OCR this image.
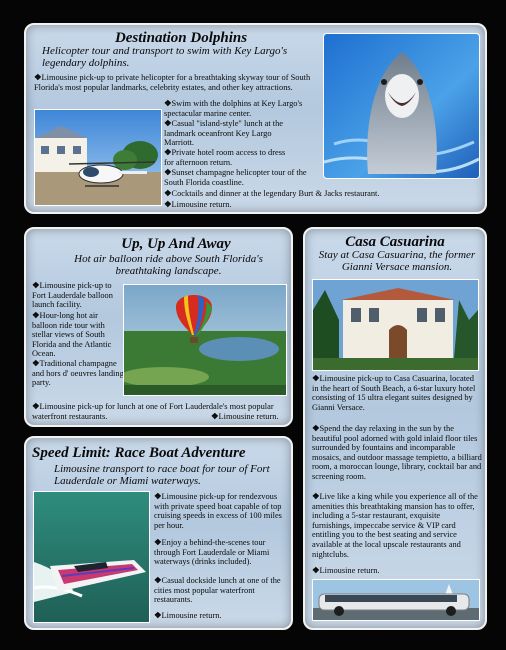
Destination Dolphins
Helicopter tour and transport to swim with Key Largo's legendary dolphins.

❖Limousine pick-up to private helicopter for a breathtaking skyway tour of South Florida's most popular landmarks, celebrity estates, and other key attractions.

❖Swim with the dolphins at Key Largo's spectacular marine center.

❖Casual "island-style" lunch at the landmark oceanfront Key Largo Marriott.

❖Private hotel room access to dress for afternoon return.

❖Sunset champagne helicopter tour of the South Florida coastline.

❖Cocktails and dinner at the legendary Burt & Jacks restaurant.

❖Limousine return.

Up, Up And Away
Hot air balloon ride above South Florida's breathtaking landscape.

❖Limousine pick-up to Fort Lauderdale balloon launch facility.

❖Hour-long hot air balloon ride tour with stellar views of South Florida and the Atlantic Ocean.

❖Traditional champagne and hors d' oeuvres landing party.

❖Limousine pick-up for lunch at one of Fort Lauderdale's most popular waterfront restaurants.	❖Limousine return.

Casa Casuarina
Stay at Casa Casuarina, the former Gianni Versace mansion.

❖Limousine pick-up to Casa Casuarina, located in the heart of South Beach, a 6-star luxury hotel consisting of 15 ultra elegant suites designed by Gianni Versace.

❖Spend the day relaxing in the sun by the beautiful pool adorned with gold inlaid floor tiles surrounded by fountains and incomparable mosaics, and outdoor massage tempietto, a billiard room, a moroccan lounge, library, cocktail bar and screening room.

❖Live like a king while you experience all of the amenities this breathtaking mansion has to offer, including a 5-star restaurant, exquisite furnishings, impeccabe service & VIP card entitling you to the best seating and service available at the local upscale restaurants and nightclubs.

❖Limousine return.

Speed Limit: Race Boat Adventure
Limousine transport to race boat for tour of Fort Lauderdale or Miami waterways.

❖Limousine pick-up for rendezvous with private speed boat capable of top cruising speeds in excess of 100 miles per hour.

❖Enjoy a behind-the-scenes tour through Fort Lauderdale or Miami waterways (drinks included).

❖Casual dockside lunch at one of the cities most popular waterfront restaurants.

❖Limousine return.
